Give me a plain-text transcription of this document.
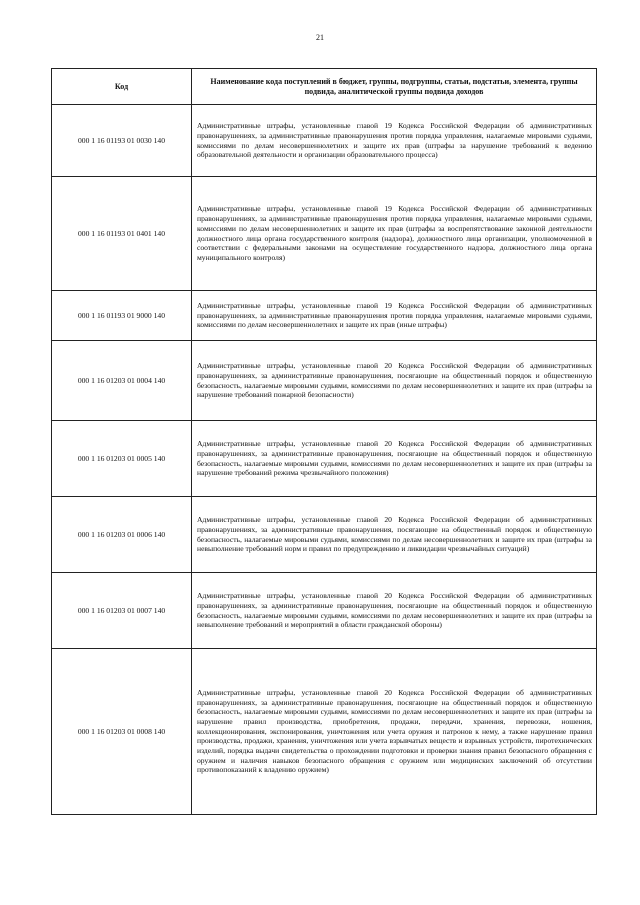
21
Код	Наименование кода поступлений в бюджет, группы, подгруппы, статьи, подстатьи, элемента, группы подвида, аналитической группы подвида доходов
000 1 16 01193 01 0030 140	Административные штрафы, установленные главой 19 Кодекса Российской Федерации об административных правонарушениях, за административные правонарушения против порядка управления, налагаемые мировыми судьями, комиссиями по делам несовершеннолетних и защите их прав (штрафы за нарушение требований к ведению образовательной деятельности и организации образовательного процесса)
000 1 16 01193 01 0401 140	Административные штрафы, установленные главой 19 Кодекса Российской Федерации об административных правонарушениях, за административные правонарушения против порядка управления, налагаемые мировыми судьями, комиссиями по делам несовершеннолетних и защите их прав (штрафы за воспрепятствование законной деятельности должностного лица органа государственного контроля (надзора), должностного лица организации, уполномоченной в соответствии с федеральными законами на осуществление государственного надзора, должностного лица органа муниципального контроля)
000 1 16 01193 01 9000 140	Административные штрафы, установленные главой 19 Кодекса Российской Федерации об административных правонарушениях, за административные правонарушения против порядка управления, налагаемые мировыми судьями, комиссиями по делам несовершеннолетних и защите их прав (иные штрафы)
000 1 16 01203 01 0004 140	Административные штрафы, установленные главой 20 Кодекса Российской Федерации об административных правонарушениях, за административные правонарушения, посягающие на общественный порядок и общественную безопасность, налагаемые мировыми судьями, комиссиями по делам несовершеннолетних и защите их прав (штрафы за нарушение требований пожарной безопасности)
000 1 16 01203 01 0005 140	Административные штрафы, установленные главой 20 Кодекса Российской Федерации об административных правонарушениях, за административные правонарушения, посягающие на общественный порядок и общественную безопасность, налагаемые мировыми судьями, комиссиями по делам несовершеннолетних и защите их прав (штрафы за нарушение требований режима чрезвычайного положения)
000 1 16 01203 01 0006 140	Административные штрафы, установленные главой 20 Кодекса Российской Федерации об административных правонарушениях, за административные правонарушения, посягающие на общественный порядок и общественную безопасность, налагаемые мировыми судьями, комиссиями по делам несовершеннолетних и защите их прав (штрафы за невыполнение требований норм и правил по предупреждению и ликвидации чрезвычайных ситуаций)
000 1 16 01203 01 0007 140	Административные штрафы, установленные главой 20 Кодекса Российской Федерации об административных правонарушениях, за административные правонарушения, посягающие на общественный порядок и общественную безопасность, налагаемые мировыми судьями, комиссиями по делам несовершеннолетних и защите их прав (штрафы за невыполнение требований и мероприятий в области гражданской обороны)
000 1 16 01203 01 0008 140	Административные штрафы, установленные главой 20 Кодекса Российской Федерации об административных правонарушениях, за административные правонарушения, посягающие на общественный порядок и общественную безопасность, налагаемые мировыми судьями, комиссиями по делам несовершеннолетних и защите их прав (штрафы за нарушение правил производства, приобретения, продажи, передачи, хранения, перевозки, ношения, коллекционирования, экспонирования, уничтожения или учета оружия и патронов к нему, а также нарушение правил производства, продажи, хранения, уничтожения или учета взрывчатых веществ и взрывных устройств, пиротехнических изделий, порядка выдачи свидетельства о прохождении подготовки и проверки знания правил безопасного обращения с оружием и наличия навыков безопасного обращения с оружием или медицинских заключений об отсутствии противопоказаний к владению оружием)
